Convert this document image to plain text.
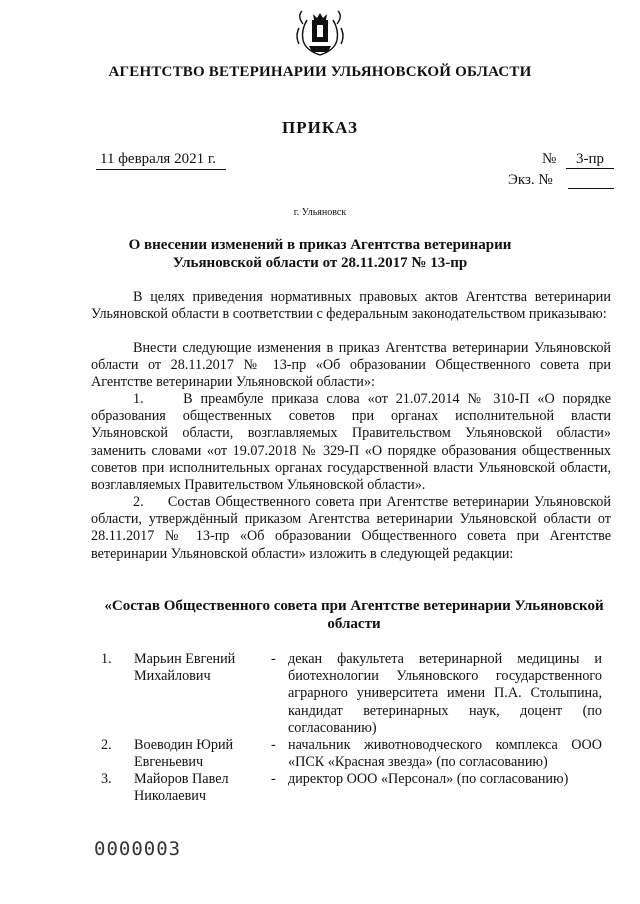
АГЕНТСТВО ВЕТЕРИНАРИИ УЛЬЯНОВСКОЙ ОБЛАСТИ
ПРИКАЗ
11 февраля 2021 г.	№	3-пр
Экз. №
г. Ульяновск
О внесении изменений в приказ Агентства ветеринарии
Ульяновской области от 28.11.2017 № 13-пр
В целях приведения нормативных правовых актов Агентства ветеринарии Ульяновской области в соответствии с федеральным законодательством приказываю:
Внести следующие изменения в приказ Агентства ветеринарии Ульяновской области от 28.11.2017 № 13-пр «Об образовании Общественного совета при Агентстве ветеринарии Ульяновской области»:
1.     В преамбуле приказа слова «от 21.07.2014 № 310-П «О порядке образования общественных советов при органах исполнительной власти Ульяновской области, возглавляемых Правительством Ульяновской области» заменить словами «от 19.07.2018 № 329-П «О порядке образования общественных советов при исполнительных органах государственной власти Ульяновской области, возглавляемых Правительством Ульяновской области».
2.     Состав Общественного совета при Агентстве ветеринарии Ульяновской области, утверждённый приказом Агентства ветеринарии Ульяновской области от 28.11.2017 № 13-пр «Об образовании Общественного совета при Агентстве ветеринарии Ульяновской области» изложить в следующей редакции:
«Состав Общественного совета при Агентстве ветеринарии Ульяновской области
1. Марьин Евгений Михайлович
- декан факультета ветеринарной медицины и биотехнологии Ульяновского государственного аграрного университета имени П.А. Столыпина, кандидат ветеринарных наук, доцент (по согласованию)
2. Воеводин Юрий Евгеньевич
- начальник животноводческого комплекса ООО «ПСК «Красная звезда» (по согласованию)
3. Майоров Павел Николаевич
- директор ООО «Персонал» (по согласованию)
0000003
